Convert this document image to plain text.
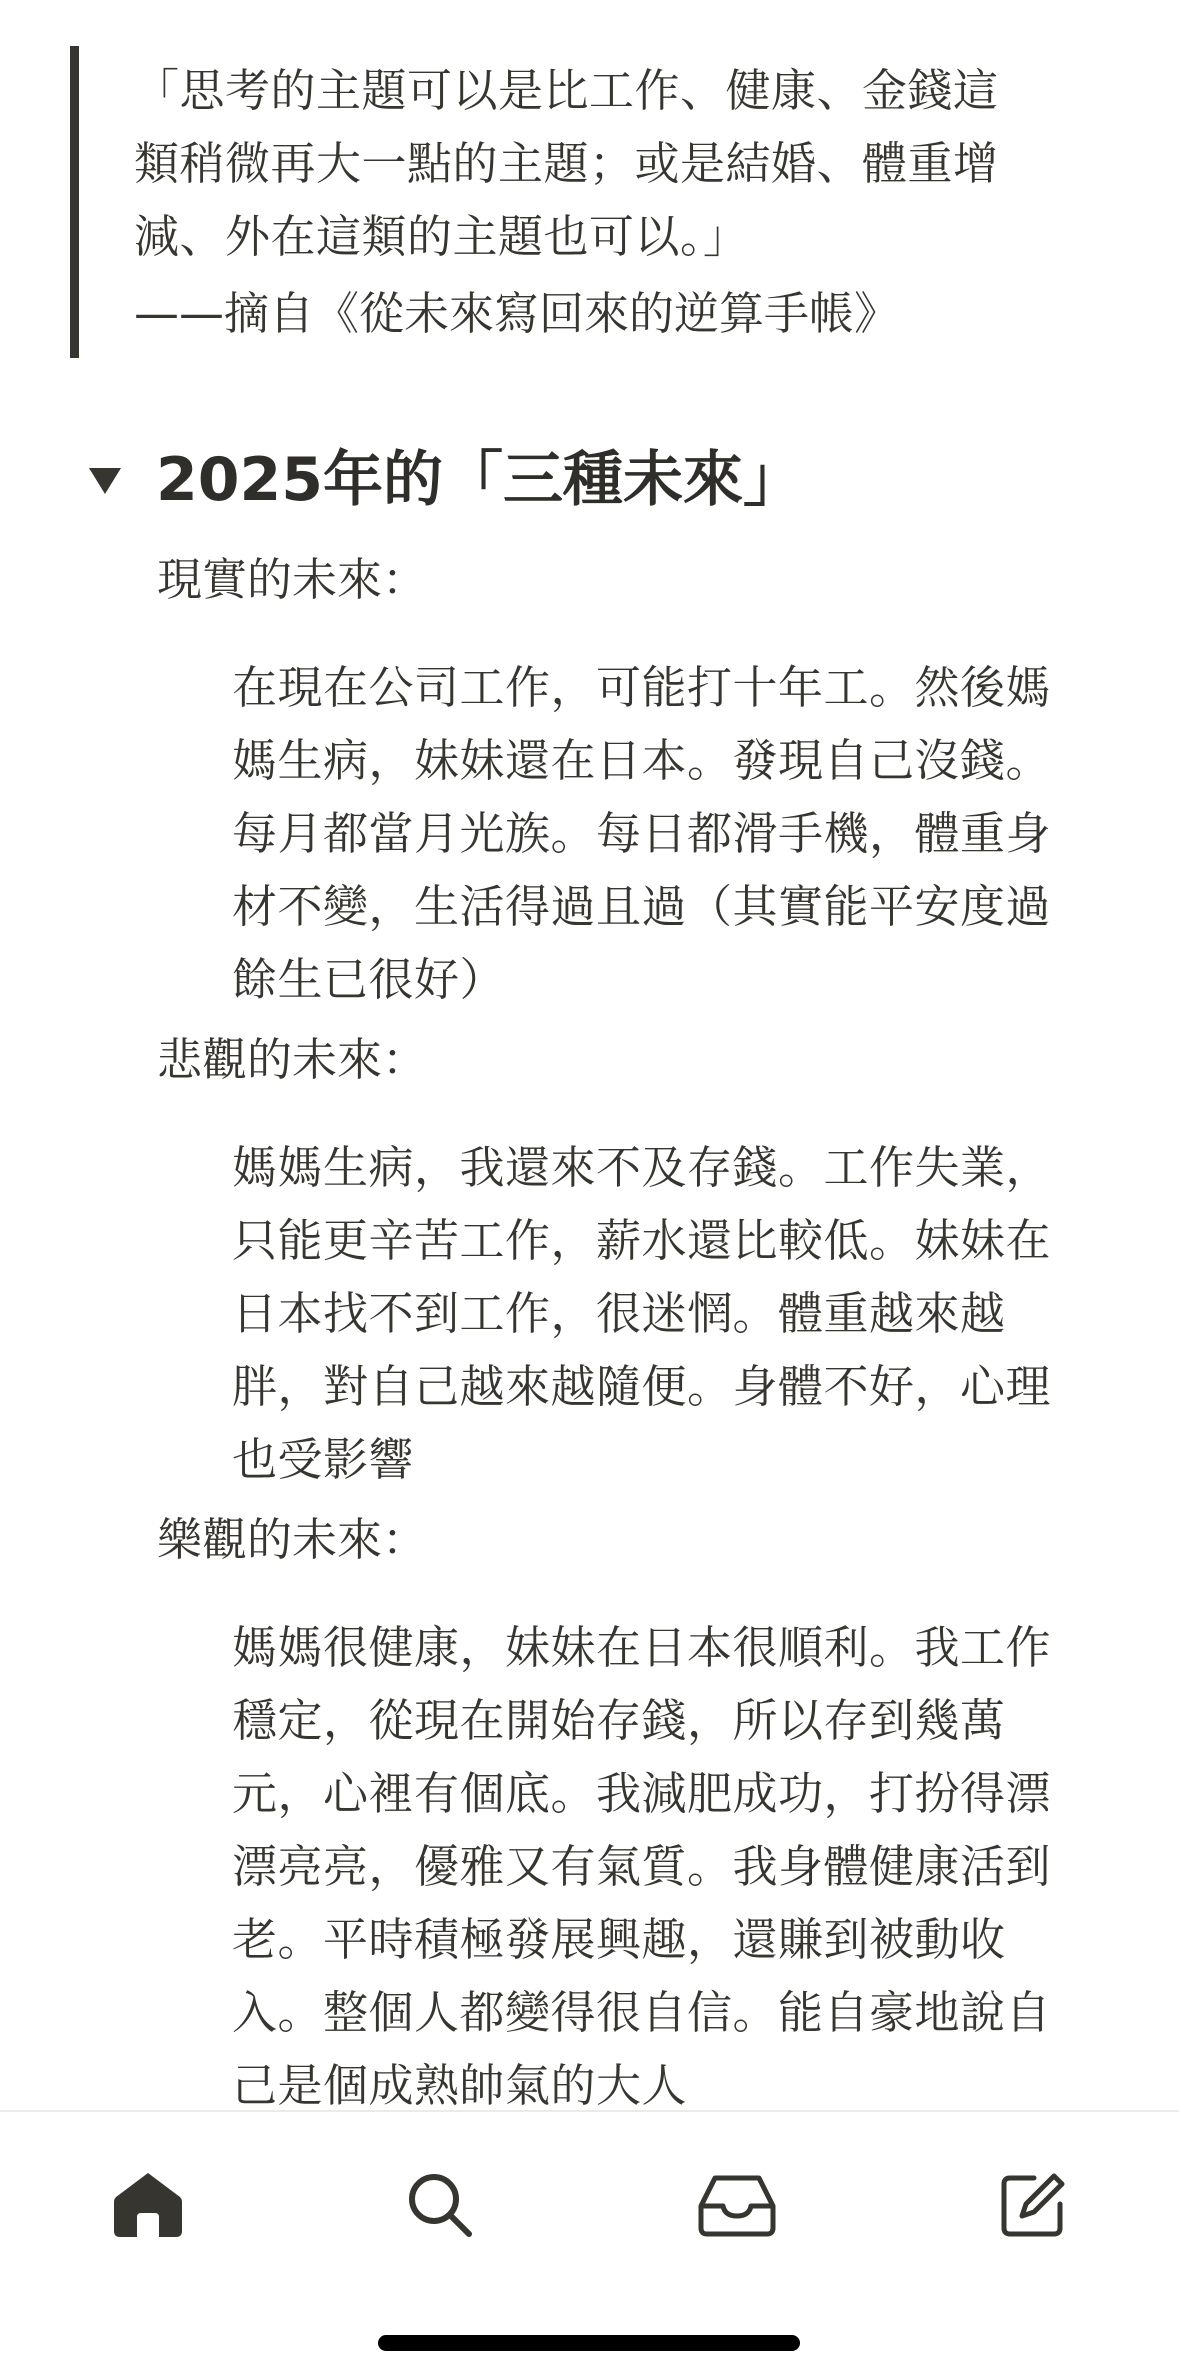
「思考的主題可以是比工作、健康、金錢這類稍微再大一點的主題；或是結婚、體重增減、外在這類的主題也可以。」

——摘自《從未來寫回來的逆算手帳》

2025年的「三種未來」

現實的未來：

在現在公司工作，可能打十年工。然後媽媽生病，妹妹還在日本。發現自己沒錢。每月都當月光族。每日都滑手機，體重身材不變，生活得過且過（其實能平安度過餘生已很好）

悲觀的未來：

媽媽生病，我還來不及存錢。工作失業，只能更辛苦工作，薪水還比較低。妹妹在日本找不到工作，很迷惘。體重越來越胖，對自己越來越隨便。身體不好，心理也受影響

樂觀的未來：

媽媽很健康，妹妹在日本很順利。我工作穩定，從現在開始存錢，所以存到幾萬元，心裡有個底。我減肥成功，打扮得漂漂亮亮，優雅又有氣質。我身體健康活到老。平時積極發展興趣，還賺到被動收入。整個人都變得很自信。能自豪地說自己是個成熟帥氣的大人
